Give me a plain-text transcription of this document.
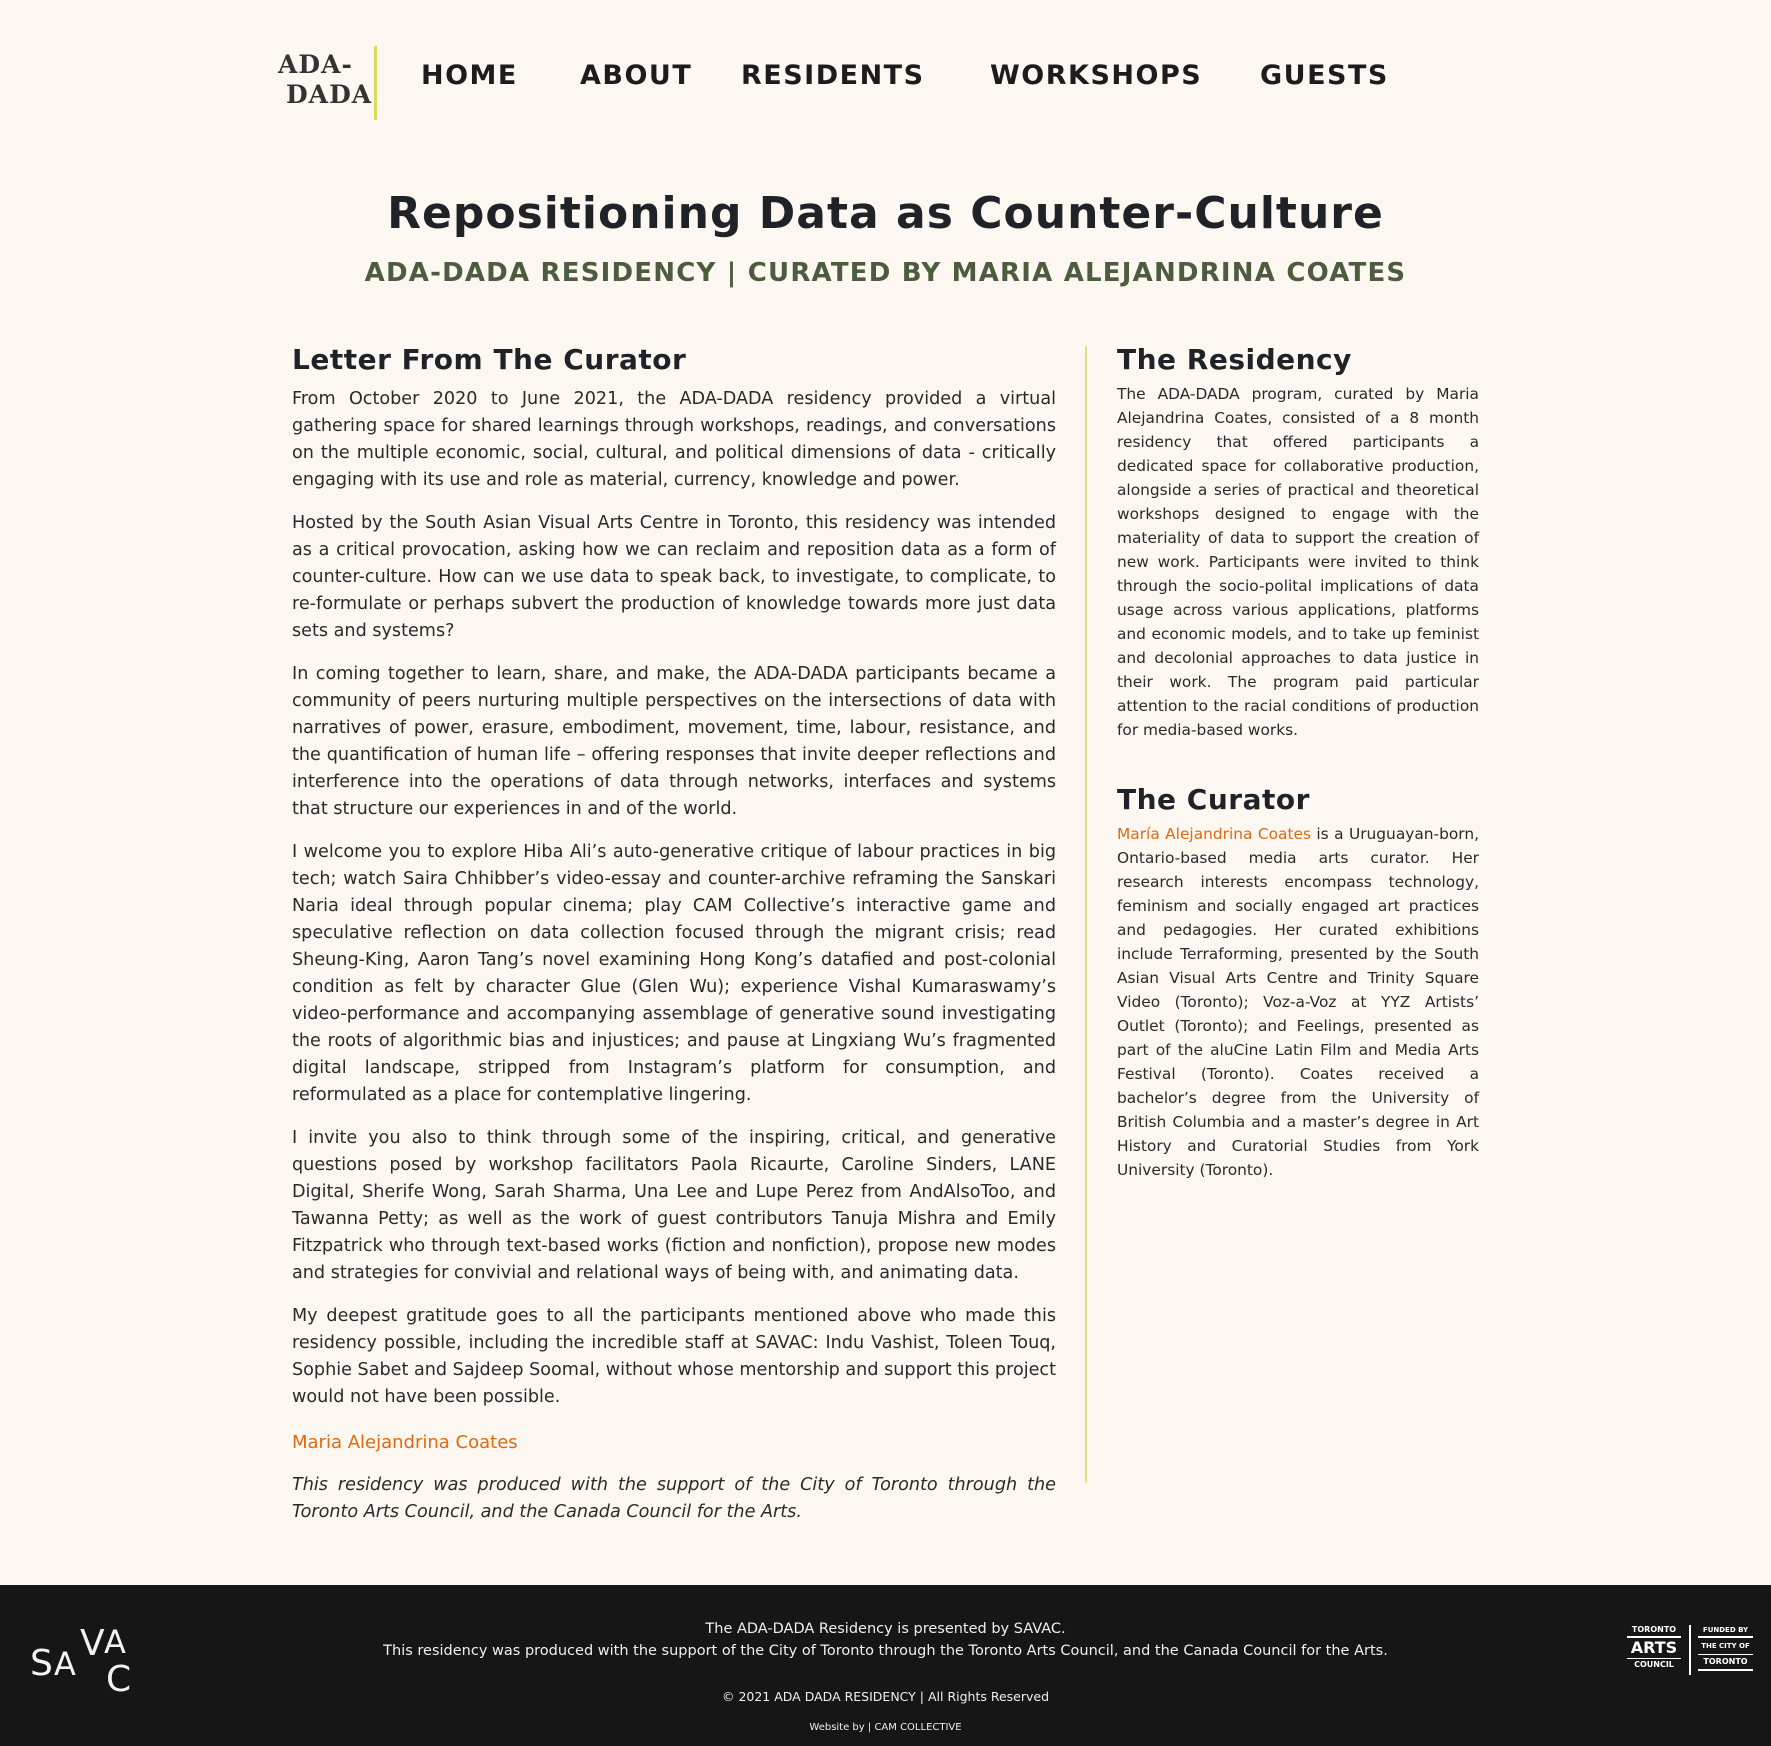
ADA-
DADA
HOME ABOUT RESIDENTS WORKSHOPS GUESTS
Repositioning Data as Counter-Culture
ADA-DADA RESIDENCY | CURATED BY MARIA ALEJANDRINA COATES
Letter From The Curator

From October 2020 to June 2021, the ADA-DADA residency provided a virtual gathering space for shared learnings through workshops, readings, and conversations on the multiple economic, social, cultural, and political dimensions of data - critically engaging with its use and role as material, currency, knowledge and power.

Hosted by the South Asian Visual Arts Centre in Toronto, this residency was intended as a critical provocation, asking how we can reclaim and reposition data as a form of counter-culture. How can we use data to speak back, to investigate, to complicate, to re-formulate or perhaps subvert the production of knowledge towards more just data sets and systems?

In coming together to learn, share, and make, the ADA-DADA participants became a community of peers nurturing multiple perspectives on the intersections of data with narratives of power, erasure, embodiment, movement, time, labour, resistance, and the quantification of human life – offering responses that invite deeper reflections and interference into the operations of data through networks, interfaces and systems that structure our experiences in and of the world.

I welcome you to explore Hiba Ali’s auto-generative critique of labour practices in big tech; watch Saira Chhibber’s video-essay and counter-archive reframing the Sanskari Naria ideal through popular cinema; play CAM Collective’s interactive game and speculative reflection on data collection focused through the migrant crisis; read Sheung-King, Aaron Tang’s novel examining Hong Kong’s datafied and post-colonial condition as felt by character Glue (Glen Wu); experience Vishal Kumaraswamy’s video-performance and accompanying assemblage of generative sound investigating the roots of algorithmic bias and injustices; and pause at Lingxiang Wu’s fragmented digital landscape, stripped from Instagram’s platform for consumption, and reformulated as a place for contemplative lingering.

I invite you also to think through some of the inspiring, critical, and generative questions posed by workshop facilitators Paola Ricaurte, Caroline Sinders, LANE Digital, Sherife Wong, Sarah Sharma, Una Lee and Lupe Perez from AndAlsoToo, and Tawanna Petty; as well as the work of guest contributors Tanuja Mishra and Emily Fitzpatrick who through text-based works (fiction and nonfiction), propose new modes and strategies for convivial and relational ways of being with, and animating data.

My deepest gratitude goes to all the participants mentioned above who made this residency possible, including the incredible staff at SAVAC: Indu Vashist, Toleen Touq, Sophie Sabet and Sajdeep Soomal, without whose mentorship and support this project would not have been possible.

Maria Alejandrina Coates

This residency was produced with the support of the City of Toronto through the Toronto Arts Council, and the Canada Council for the Arts.

The Residency

The ADA-DADA program, curated by Maria Alejandrina Coates, consisted of a 8 month residency that offered participants a dedicated space for collaborative production, alongside a series of practical and theoretical workshops designed to engage with the materiality of data to support the creation of new work. Participants were invited to think through the socio-polital implications of data usage across various applications, platforms and economic models, and to take up feminist and decolonial approaches to data justice in their work. The program paid particular attention to the racial conditions of production for media-based works.

The Curator

María Alejandrina Coates is a Uruguayan-born, Ontario-based media arts curator. Her research interests encompass technology, feminism and socially engaged art practices and pedagogies. Her curated exhibitions include Terraforming, presented by the South Asian Visual Arts Centre and Trinity Square Video (Toronto); Voz-a-Voz at YYZ Artists’ Outlet (Toronto); and Feelings, presented as part of the aluCine Latin Film and Media Arts Festival (Toronto). Coates received a bachelor’s degree from the University of British Columbia and a master’s degree in Art History and Curatorial Studies from York University (Toronto).

S A V A
C
The ADA-DADA Residency is presented by SAVAC.
This residency was produced with the support of the City of Toronto through the Toronto Arts Council, and the Canada Council for the Arts.
© 2021 ADA DADA RESIDENCY | All Rights Reserved
Website by | CAM COLLECTIVE
TORONTO
ARTS
COUNCIL
FUNDED BY
THE CITY OF
TORONTO
